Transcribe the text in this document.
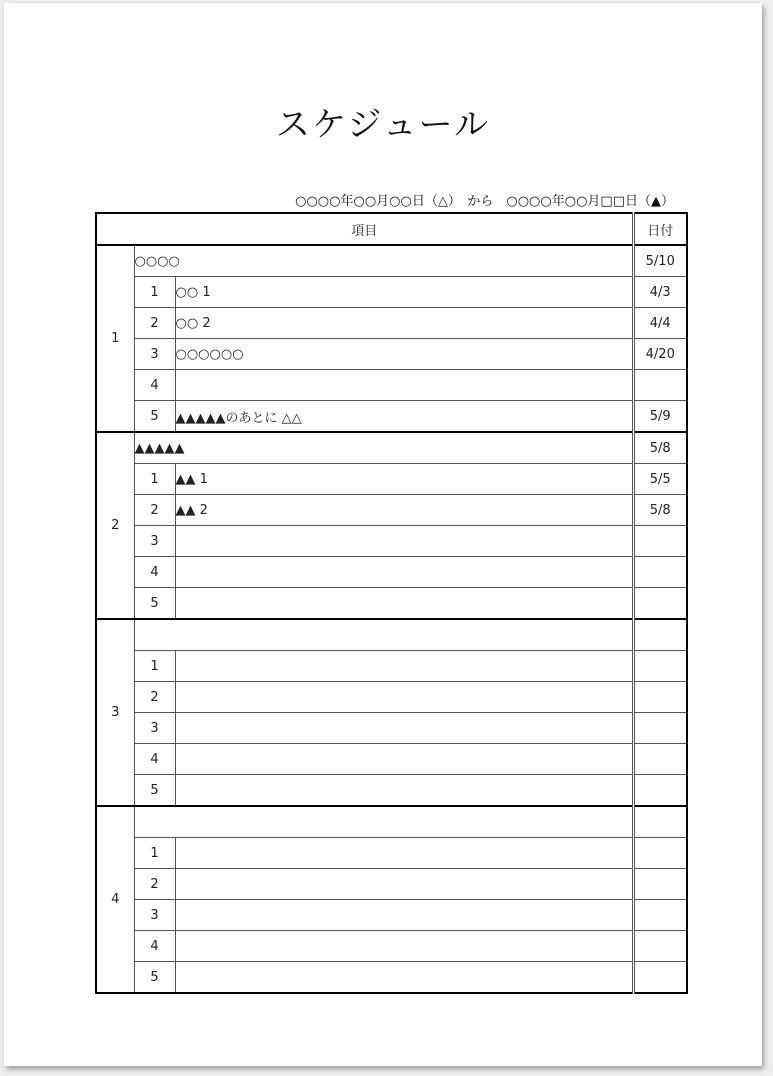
スケジュール
○○○○年○○月○○日（△）　から　○○○○年○○月□□日（▲）
項目			日付
1	○○○○		5/10
	1	○○ 1	4/3
	2	○○ 2	4/4
	3	○○○○○○	4/20
	4		
	5	▲▲▲▲▲のあとに △△	5/9
2	▲▲▲▲▲		5/8
	1	▲▲ 1	5/5
	2	▲▲ 2	5/8
	3		
	4		
	5		
3			
	1		
	2		
	3		
	4		
	5		
4			
	1		
	2		
	3		
	4		
	5		
